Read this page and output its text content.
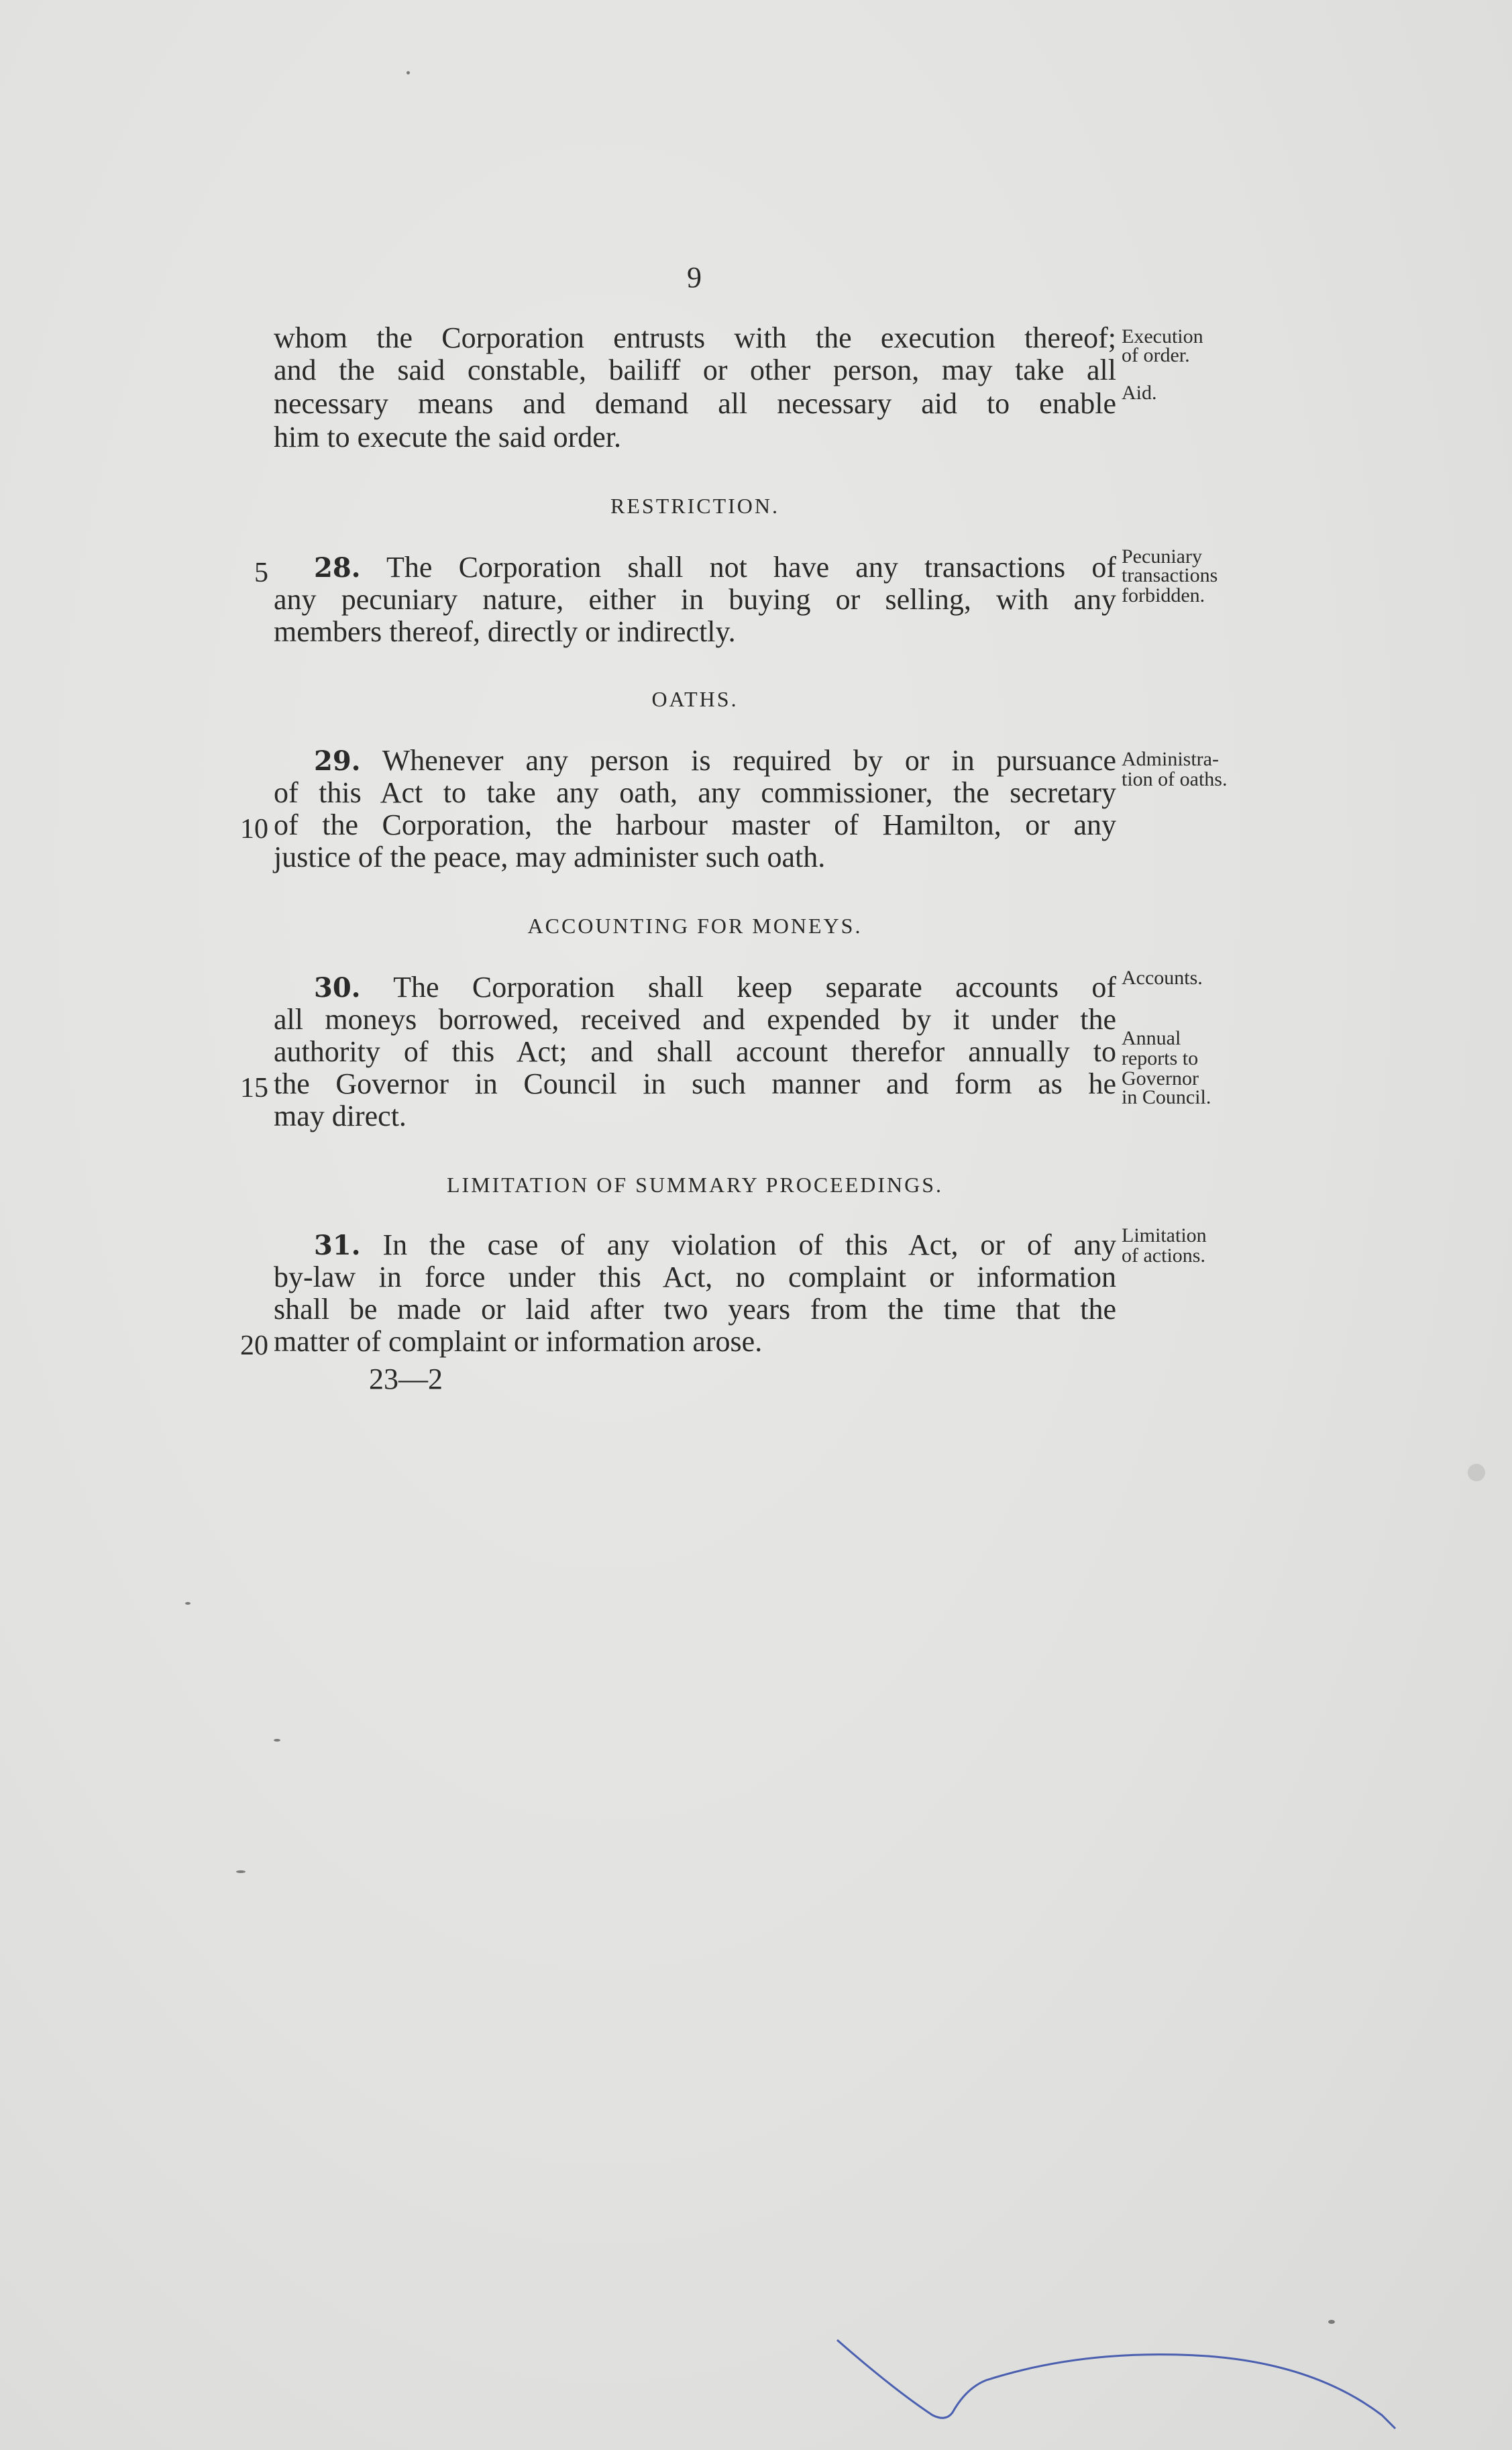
9
whom the Corporation entrusts with the execution thereof;
and the said constable, bailiff or other person, may take all
necessary means and demand all necessary aid to enable
him to execute the said order.
Execution
of order.
Aid.
RESTRICTION.
5	28. The Corporation shall not have any transactions of
any pecuniary nature, either in buying or selling, with any
members thereof, directly or indirectly.
Pecuniary
transactions
forbidden.
OATHS.
29. Whenever any person is required by or in pursuance
of this Act to take any oath, any commissioner, the secretary
10 of the Corporation, the harbour master of Hamilton, or any
justice of the peace, may administer such oath.
Administra-
tion of oaths.
ACCOUNTING FOR MONEYS.
30. The Corporation shall keep separate accounts of
all moneys borrowed, received and expended by it under the
authority of this Act; and shall account therefor annually to
15 the Governor in Council in such manner and form as he
may direct.
Accounts.
Annual
reports to
Governor
in Council.
LIMITATION OF SUMMARY PROCEEDINGS.
31. In the case of any violation of this Act, or of any
by-law in force under this Act, no complaint or information
shall be made or laid after two years from the time that the
20 matter of complaint or information arose.
Limitation
of actions.
23—2
